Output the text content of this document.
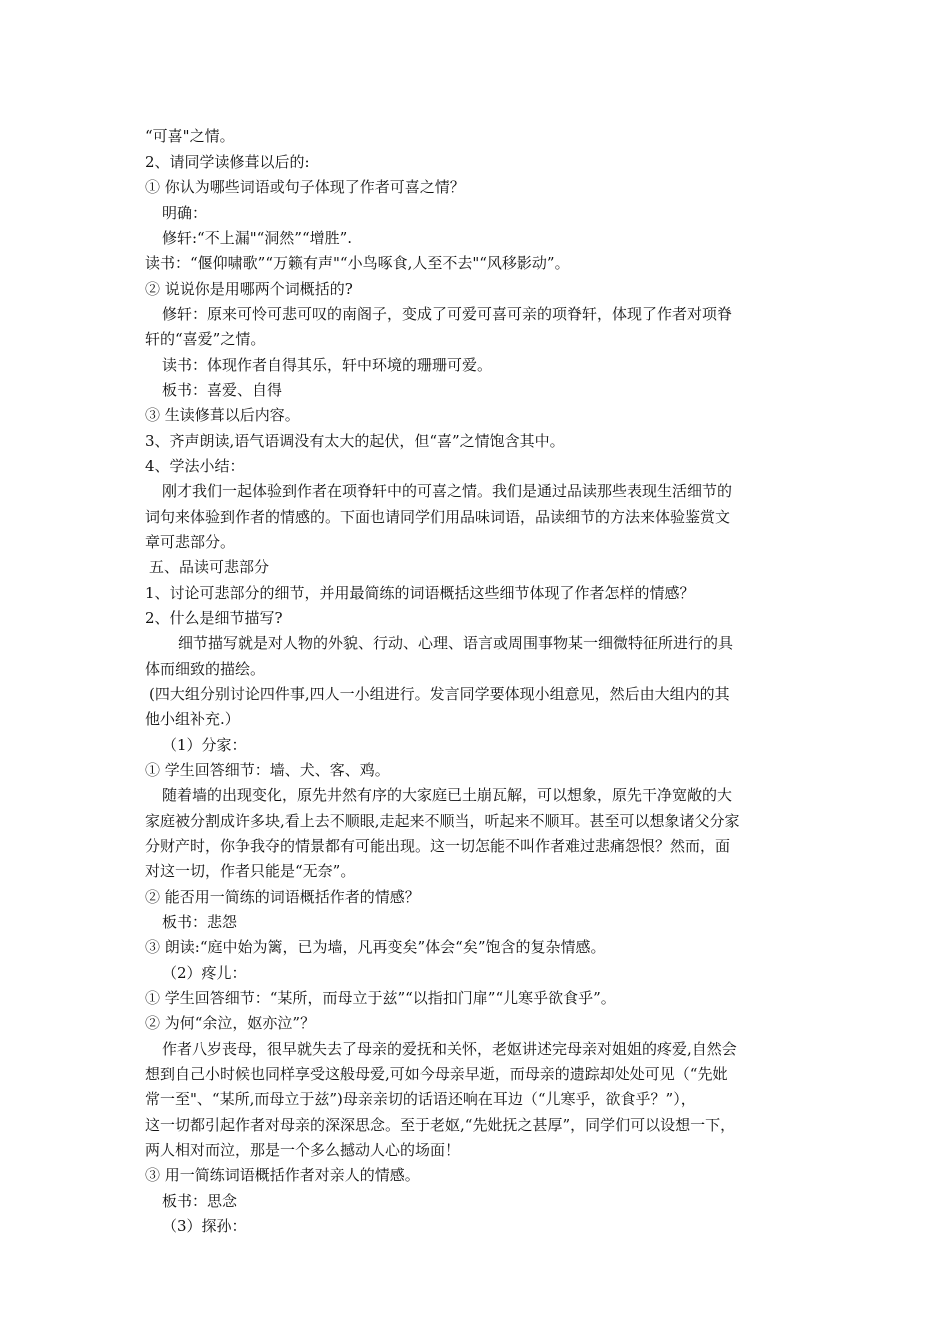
“可喜"之情。
2、请同学读修葺以后的:
① 你认为哪些词语或句子体现了作者可喜之情？
明确：
修轩:“不上漏"“洞然”“增胜”.
读书：“偃仰啸歌”“万籁有声"“小鸟啄食,人至不去"“风移影动”。
② 说说你是用哪两个词概括的?
修轩：原来可怜可悲可叹的南阁子，变成了可爱可喜可亲的项脊轩，体现了作者对项脊
轩的“喜爱”之情。
读书：体现作者自得其乐，轩中环境的珊珊可爱。
板书：喜爱、自得
③ 生读修葺以后内容。
3、齐声朗读,语气语调没有太大的起伏，但“喜”之情饱含其中。
4、学法小结：
刚才我们一起体验到作者在项脊轩中的可喜之情。我们是通过品读那些表现生活细节的
词句来体验到作者的情感的。下面也请同学们用品味词语，品读细节的方法来体验鉴赏文
章可悲部分。
五、品读可悲部分
1、讨论可悲部分的细节，并用最简练的词语概括这些细节体现了作者怎样的情感？
2、什么是细节描写?
细节描写就是对人物的外貌、行动、心理、语言或周围事物某一细微特征所进行的具
体而细致的描绘。
(四大组分别讨论四件事,四人一小组进行。发言同学要体现小组意见，然后由大组内的其
他小组补充.）
（1）分家：
① 学生回答细节：墙、犬、客、鸡。
随着墙的出现变化，原先井然有序的大家庭已土崩瓦解，可以想象，原先干净宽敞的大
家庭被分割成许多块,看上去不顺眼,走起来不顺当，听起来不顺耳。甚至可以想象诸父分家
分财产时，你争我夺的情景都有可能出现。这一切怎能不叫作者难过悲痛怨恨？然而，面
对这一切，作者只能是“无奈”。
② 能否用一简练的词语概括作者的情感？
板书：悲怨
③ 朗读:“庭中始为篱，已为墙，凡再变矣”体会“矣”饱含的复杂情感。
（2）疼儿：
① 学生回答细节：“某所，而母立于兹”“以指扣门扉”“儿寒乎欲食乎”。
② 为何“余泣，妪亦泣”？
作者八岁丧母，很早就失去了母亲的爱抚和关怀，老妪讲述完母亲对姐姐的疼爱,自然会
想到自己小时候也同样享受这般母爱,可如今母亲早逝，而母亲的遗踪却处处可见（“先妣
常一至"、“某所,而母立于兹”)母亲亲切的话语还响在耳边（“儿寒乎，欲食乎？”），
这一切都引起作者对母亲的深深思念。至于老妪,“先妣抚之甚厚”，同学们可以设想一下，
两人相对而泣，那是一个多么撼动人心的场面！
③ 用一简练词语概括作者对亲人的情感。
板书：思念
（3）探孙：
